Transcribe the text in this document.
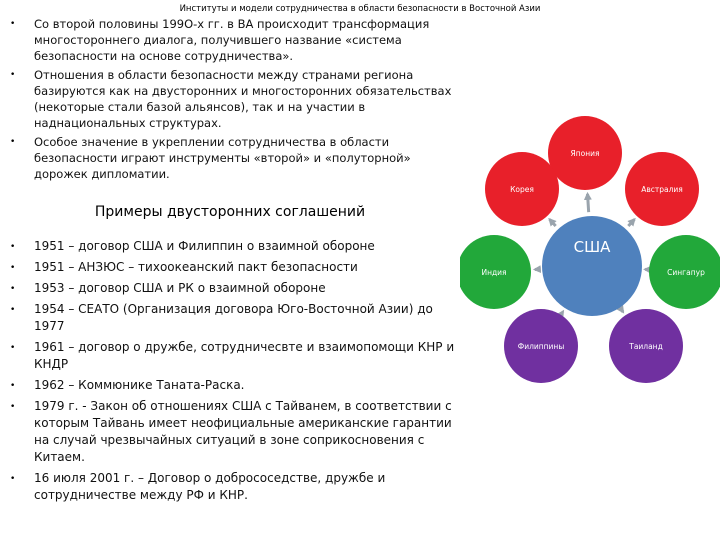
Институты и модели сотрудничества в области безопасности в Восточной Азии
• Со второй половины 199О-х гг. в ВА происходит трансформация многостороннего диалога, получившего название «система безопасности на основе сотрудничества».
• Отношения в области безопасности между странами региона базируются как на двусторонних и многосторонних обязательствах (некоторые стали базой альянсов), так и на участии в наднациональных структурах.
• Особое значение в укреплении сотрудничества в области безопасности играют инструменты «второй» и «полуторной» дорожек дипломатии.
Примеры двусторонних соглашений
• 1951 – договор США и Филиппин о взаимной обороне
• 1951 – АНЗЮС – тихоокеанский пакт безопасности
• 1953 – договор США и РК о взаимной обороне
• 1954 – СЕАТО (Организация договора Юго-Восточной Азии) до 1977
• 1961 – договор о дружбе, сотрудничесвте и взаимопомощи КНР и КНДР
• 1962 – Коммюнике Таната-Раска.
• 1979 г. - Закон об отношениях США с Тайванем, в соответствии с которым Тайвань имеет неофициальные американские гарантии на случай чрезвычайных ситуаций в зоне соприкосновения с Китаем.
• 16 июля 2001 г. – Договор о добрососедстве, дружбе и сотрудничестве между РФ и КНР.
Япония
Австралия
Сингапур
Таиланд
Филиппины
Индия
Корея
США
